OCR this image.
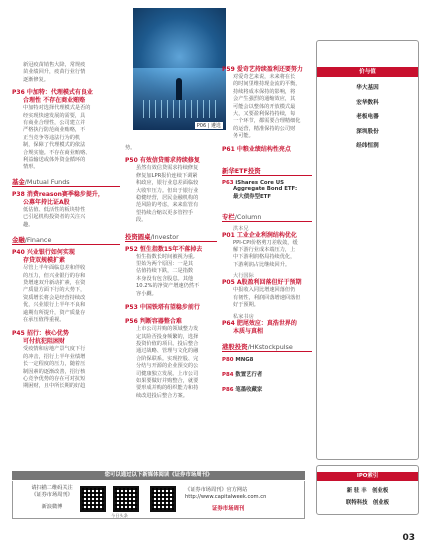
新冠疫苗销售大降，常规疫
苗业绩回升，疫苗行业行情
逐渐修复。
P36 中加特：代理模式有良业
合理性 不存在商业贿赂
中加特对选择代理模式是否的
经实现快速发展的需要，具
有商业合理性，公司建立并
严格执行防范商业贿赂，不
正当竞争等违法行为的机
制，保障了代理模式的依法
合规实施。不存在商业贿赂、
利益输送或体外资金循环的
情形。
基金/Mutual Funds
P38 消费reason赛季稳步提升，
公募年持比证A股
低估值、低活性的板块特性
已引起机构投资者的关注兴
趣。
金融/Finance
P40 兴业银行如何实现
存贷双规模扩素
尽管上半年面临息差和伴收
的压力，但兴业银行的存和
贷增速双升新动扩素，在资
产质量方面下行的大势下，
资质增长将会是经营持续改
优，兴业银行上半年不良和
逾期有所提升，资产质量存
在承压值得重视。
P45 招行：核心优势
可付抗犯阻困财
受疫情和房地产景气度下行
的冲击，招行上半年业绩增
长一定程度的压力，随着压
制因素的逐渐改善，招行核
心竞争优势的存在可对抗短
期困财，且中所长期的好趋
P06 | 遴选
势。
P50 有效信贷需求持续修复
虽然有效信贷需求持续修复
修复加LPR报价连续下调紧
积政应，银行业息差面临较
大收窄压力。但出于银行业
稳健经营，居民金融机构的
范风险的考虑，来来监管有
望持续合缩以更多管控手
段。
投资圆桌/Investor
P52 恒生指数15年不落掉去
恒生指数长时间被视为重,
里始为两个原因：一是其
估值持续下跌，二是指数
本身没有包含股息。其他
10.2%的净资产增速仍然不
容小觑。
P53 中国铁塔有望稳步前行
P56 判断容器整合难
上市公司并购的领域整力发
定其险否投身频繁的，选择
投资价值的项目。投后整合
通过战略、管理与文化的融
合阶保联系。实现控股、完
分结与开源的企业预交的公
司健康独立发展。上市公司
如果要做好并购整合，就要
要形成并购的组织能力和持
续改进投后整合方案。
P59 爱奇艺持续盈利还要努力
对爱奇艺来说，未来将在长
的时间里维持现金流的平衡，
持续将成本保持的影响，将
会产生强烈的通缩效应，其
可能会以整体的开放模式最
大，又要盈利保持持续，每
一个环节，都需要合理精细化
的运营，精准保持的公司财
务可能。
P61 中粮业绩结构性亮点
新华ETF投资
P63 iShares Core US
Aggregate Bond ETF:
最大债券型ETF
专栏/Column
洪本兄
P01 工业企业利润结构优化
PPI-CPI价格剪刀差收敛，缓
解下游行业成本端压力，上
中下游利润格局持续优化，
下游利润占比继续回升。
大行国际
P05 A股盈利回落但好于预期
中报收入同比增速回落但仍
有韧性，利润回落增速回落但
好于预期。
私家书房
P64 肥尾效应：真浩世界的
本质与真相
港股投资/HKstockpulse
P80 MNG8
P84 数置艺行者
P86 笔墨收藏家
价与值
华大基因
宏华数科
老板电器
深圳股份
经纬恒润
IPO索引
新 驻 丰　创业板
联特科技　创业板
您可以通过以下新媒体阅读《证券市场周刊》
请扫描二维码关注
《证券市场周刊》
新浪微博
今日头条
《证券市场周刊》官方网站
http://www.capitalweek.com.cn
证券市场周刊
03
